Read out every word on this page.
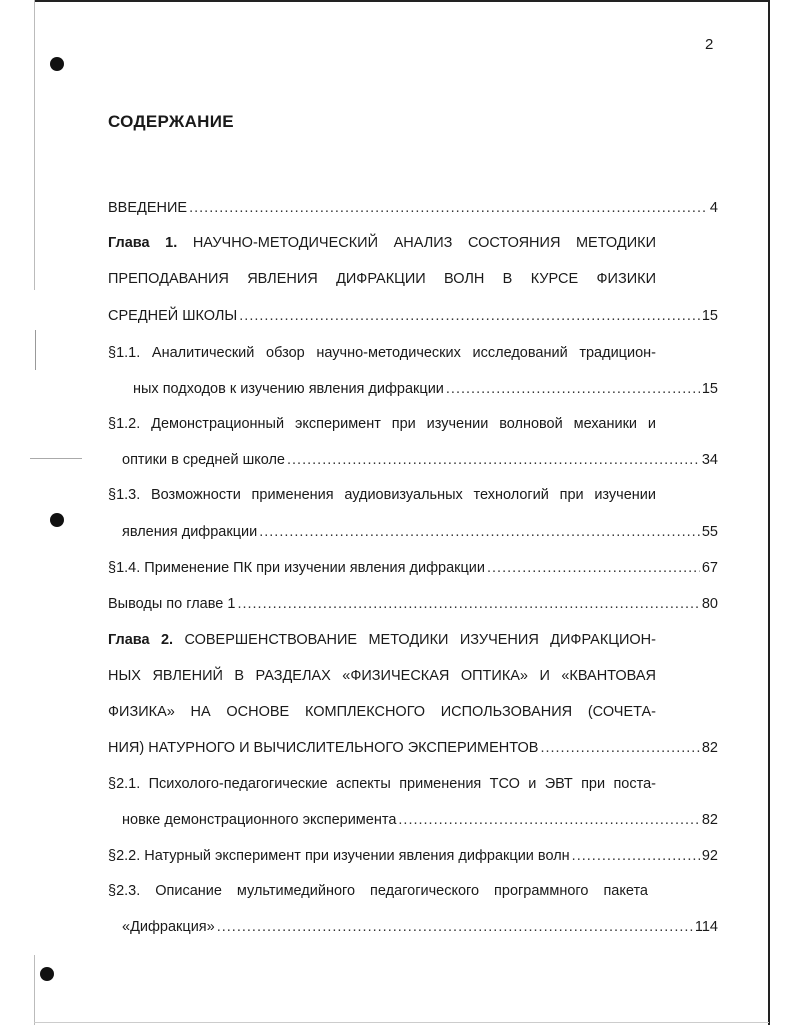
2
СОДЕРЖАНИЕ
ВВЕДЕНИЕ .....	4
Глава 1. НАУЧНО-МЕТОДИЧЕСКИЙ АНАЛИЗ СОСТОЯНИЯ МЕТОДИКИ
ПРЕПОДАВАНИЯ ЯВЛЕНИЯ ДИФРАКЦИИ ВОЛН В КУРСЕ ФИЗИКИ
СРЕДНЕЙ ШКОЛЫ .....	15
§1.1. Аналитический обзор научно-методических исследований традицион-
ных подходов к изучению явления дифракции .....	15
§1.2. Демонстрационный эксперимент при изучении волновой механики и
оптики в средней школе .....	34
§1.3. Возможности применения аудиовизуальных технологий при изучении
явления дифракции .....	55
§1.4. Применение ПК при изучении явления дифракции .....	67
Выводы по главе 1 .....	80
Глава 2. СОВЕРШЕНСТВОВАНИЕ МЕТОДИКИ ИЗУЧЕНИЯ ДИФРАКЦИОН-
НЫХ ЯВЛЕНИЙ В РАЗДЕЛАХ «ФИЗИЧЕСКАЯ ОПТИКА» И «КВАНТОВАЯ
ФИЗИКА» НА ОСНОВЕ КОМПЛЕКСНОГО ИСПОЛЬЗОВАНИЯ (СОЧЕТА-
НИЯ) НАТУРНОГО И ВЫЧИСЛИТЕЛЬНОГО ЭКСПЕРИМЕНТОВ .....	82
§2.1. Психолого-педагогические аспекты применения ТСО и ЭВТ при поста-
новке демонстрационного эксперимента .....	82
§2.2. Натурный эксперимент при изучении явления дифракции волн .....	92
§2.3. Описание мультимедийного педагогического программного пакета
«Дифракция» .....	114
